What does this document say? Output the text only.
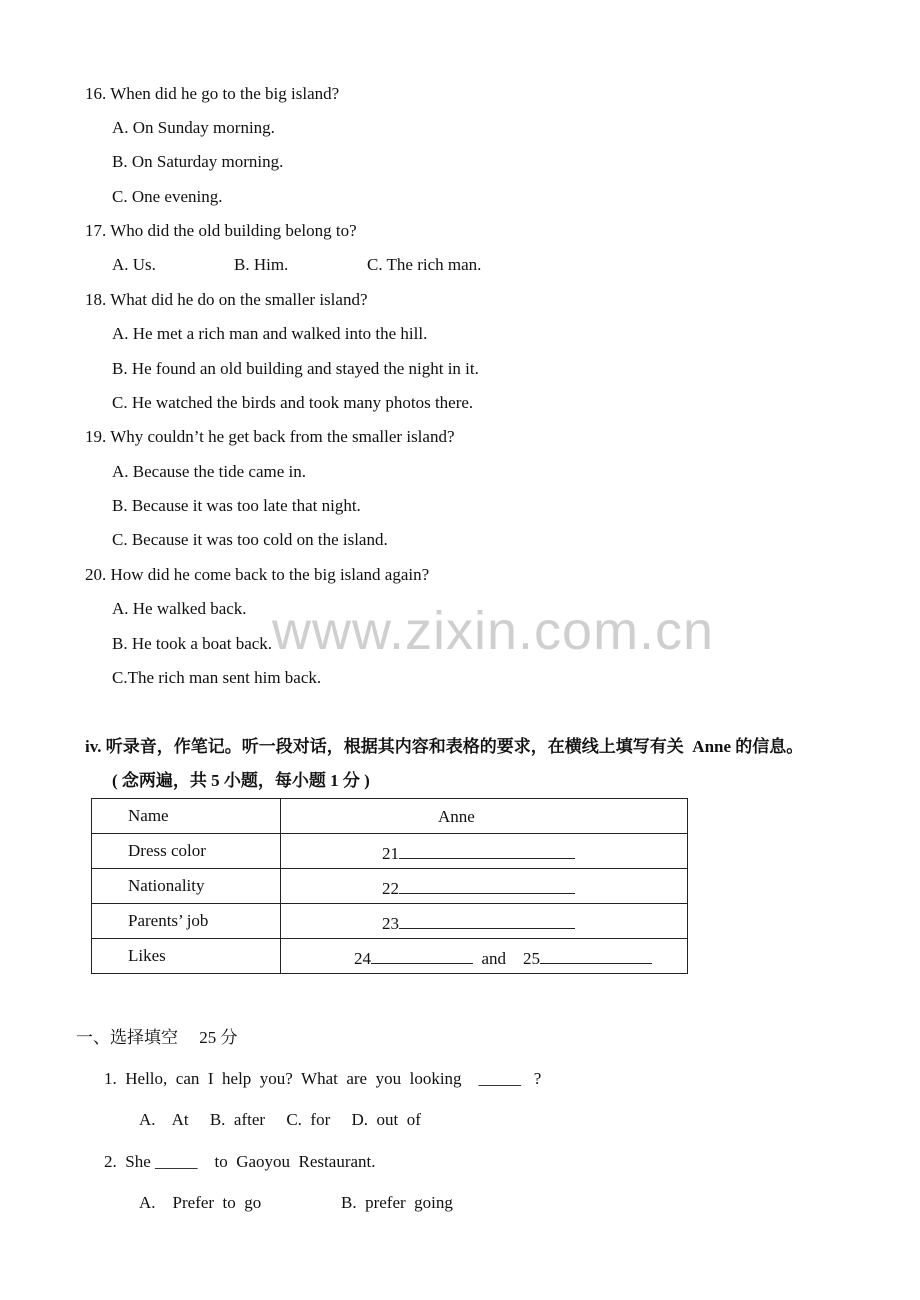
16. When did he go to the big island?
A. On Sunday morning.
B. On Saturday morning.
C. One evening.
17. Who did the old building belong to?
A. Us.	B. Him.	C. The rich man.
18. What did he do on the smaller island?
A. He met a rich man and walked into the hill.
B. He found an old building and stayed the night in it.
C. He watched the birds and took many photos there.
19. Why couldn’t he get back from the smaller island?
A. Because the tide came in.
B. Because it was too late that night.
C. Because it was too cold on the island.
20. How did he come back to the big island again?
A. He walked back.
B. He took a boat back.
C.The rich man sent him back.
www.zixin.com.cn
iv. 听录音，作笔记。听一段对话，根据其内容和表格的要求，在横线上填写有关 Anne 的信息。
( 念两遍，共 5 小题，每小题 1 分 )
Name	Anne

Dress color	21

Nationality	22

Parents’ job	23

Likes	24 and 25
一、选择填空 25 分
1.  Hello,  can  I  help  you?  What  are  you  looking _____ ?
A.    At     B.  after     C.  for     D.  out  of
2.  She _____ to  Gaoyou  Restaurant.
A.    Prefer  to  go	B.  prefer  going
